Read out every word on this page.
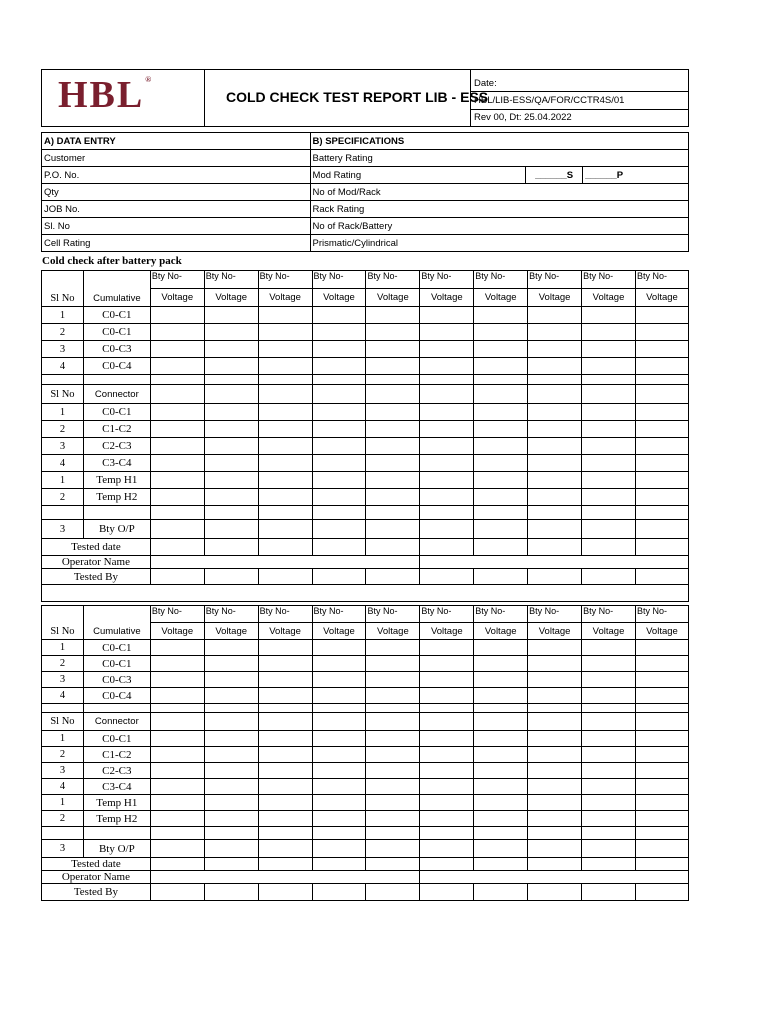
HBL®
COLD CHECK TEST REPORT LIB - ESS
Date:
HBL/LIB-ESS/QA/FOR/CCTR4S/01
Rev 00, Dt: 25.04.2022
A) DATA ENTRY	B) SPECIFICATIONS		
Customer	Battery Rating		
P.O. No.	Mod Rating	______S	______P
Qty	No of Mod/Rack		
JOB No.	Rack Rating		
Sl. No	No of Rack/Battery		
Cell Rating	Prismatic/Cylindrical		
Cold check after battery pack
Sl No	Cumulative	Bty No-	Bty No-	Bty No-	Bty No-	Bty No-	Bty No-	Bty No-	Bty No-	Bty No-	Bty No-
		Voltage	Voltage	Voltage	Voltage	Voltage	Voltage	Voltage	Voltage	Voltage	Voltage
1	C0-C1										
2	C0-C1										
3	C0-C3										
4	C0-C4										

Sl No	Connector										
1	C0-C1										
2	C1-C2										
3	C2-C3										
4	C3-C4										
1	Temp H1										
2	Temp H2										

3	Bty O/P										
Tested date											
Operator Name											
Tested By											

Sl No	Cumulative	Bty No-	Bty No-	Bty No-	Bty No-	Bty No-	Bty No-	Bty No-	Bty No-	Bty No-	Bty No-
		Voltage	Voltage	Voltage	Voltage	Voltage	Voltage	Voltage	Voltage	Voltage	Voltage
1	C0-C1										
2	C0-C1										
3	C0-C3										
4	C0-C4										

Sl No	Connector										
1	C0-C1										
2	C1-C2										
3	C2-C3										
4	C3-C4										
1	Temp H1										
2	Temp H2										

3	Bty O/P										
Tested date											
Operator Name											
Tested By											
